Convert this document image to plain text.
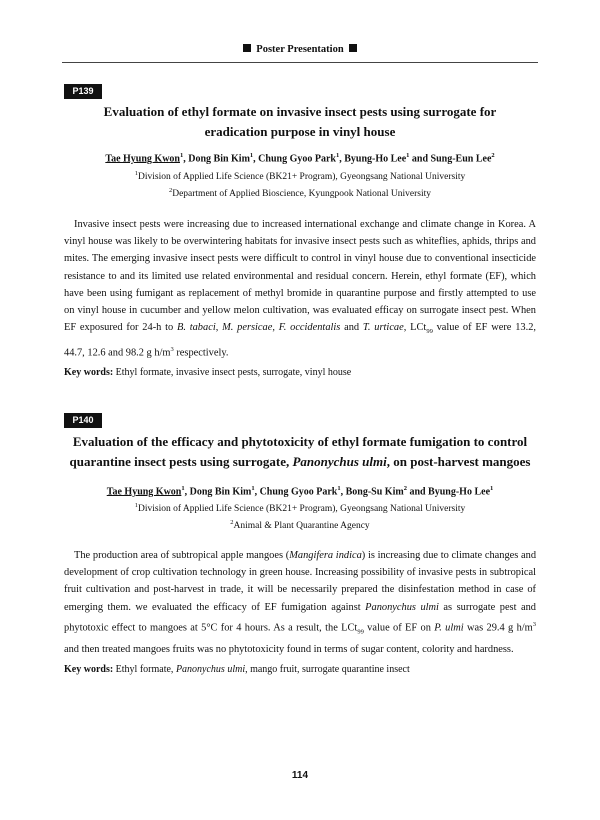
Poster Presentation
P139
Evaluation of ethyl formate on invasive insect pests using surrogate for
eradication purpose in vinyl house
Tae Hyung Kwon$^1$, Dong Bin Kim$^1$, Chung Gyoo Park$^1$, Byung-Ho Lee$^1$ and Sung-Eun Lee$^2$
$^1$Division of Applied Life Science (BK21+ Program), Gyeongsang National University
$^2$Department of Applied Bioscience, Kyungpook National University
Invasive insect pests were increasing due to increased international exchange and climate change in Korea. A vinyl house was likely to be overwintering habitats for invasive insect pests such as whiteflies, aphids, thrips and mites. The emerging invasive insect pests were difficult to control in vinyl house due to conventional insecticide resistance to and its limited use related environmental and residual concern. Herein, ethyl formate (EF), which have been using fumigant as replacement of methyl bromide in quarantine purpose and firstly attempted to use on vinyl house in cucumber and yellow melon cultivation, was evaluated efficay on surrogate insect pest. When EF exposured for 24-h to B. tabaci, M. persicae, F. occidentalis and T. urticae, LCt$_{99}$ value of EF were 13.2, 44.7, 12.6 and 98.2 g $h/m^3$ respectively.
Key words: Ethyl formate, invasive insect pests, surrogate, vinyl house
P140
Evaluation of the efficacy and phytotoxicity of ethyl formate fumigation to control
quarantine insect pests using surrogate, Panonychus ulmi, on post-harvest mangoes
Tae Hyung Kwon$^1$, Dong Bin Kim$^1$, Chung Gyoo Park$^1$, Bong-Su Kim$^2$ and Byung-Ho Lee$^1$
$^1$Division of Applied Life Science (BK21+ Program), Gyeongsang National University
$^2$Animal & Plant Quarantine Agency
The production area of subtropical apple mangoes (Mangifera indica) is increasing due to climate changes and development of crop cultivation technology in green house. Increasing possibility of invasive pests in subtropical fruit cultivation and post-harvest in trade, it will be necessarily prepared the disinfestation method in case of emerging them. we evaluated the efficacy of EF fumigation against Panonychus ulmi as surrogate pest and phytotoxic effect to mangoes at 5°C for 4 hours. As a result, the LCt$_{99}$ value of EF on P. ulmi was 29.4 g $h/m^3$ and then treated mangoes fruits was no phytotoxicity found in terms of sugar content, colority and hardness.
Key words: Ethyl formate, Panonychus ulmi, mango fruit, surrogate quarantine insect
114
